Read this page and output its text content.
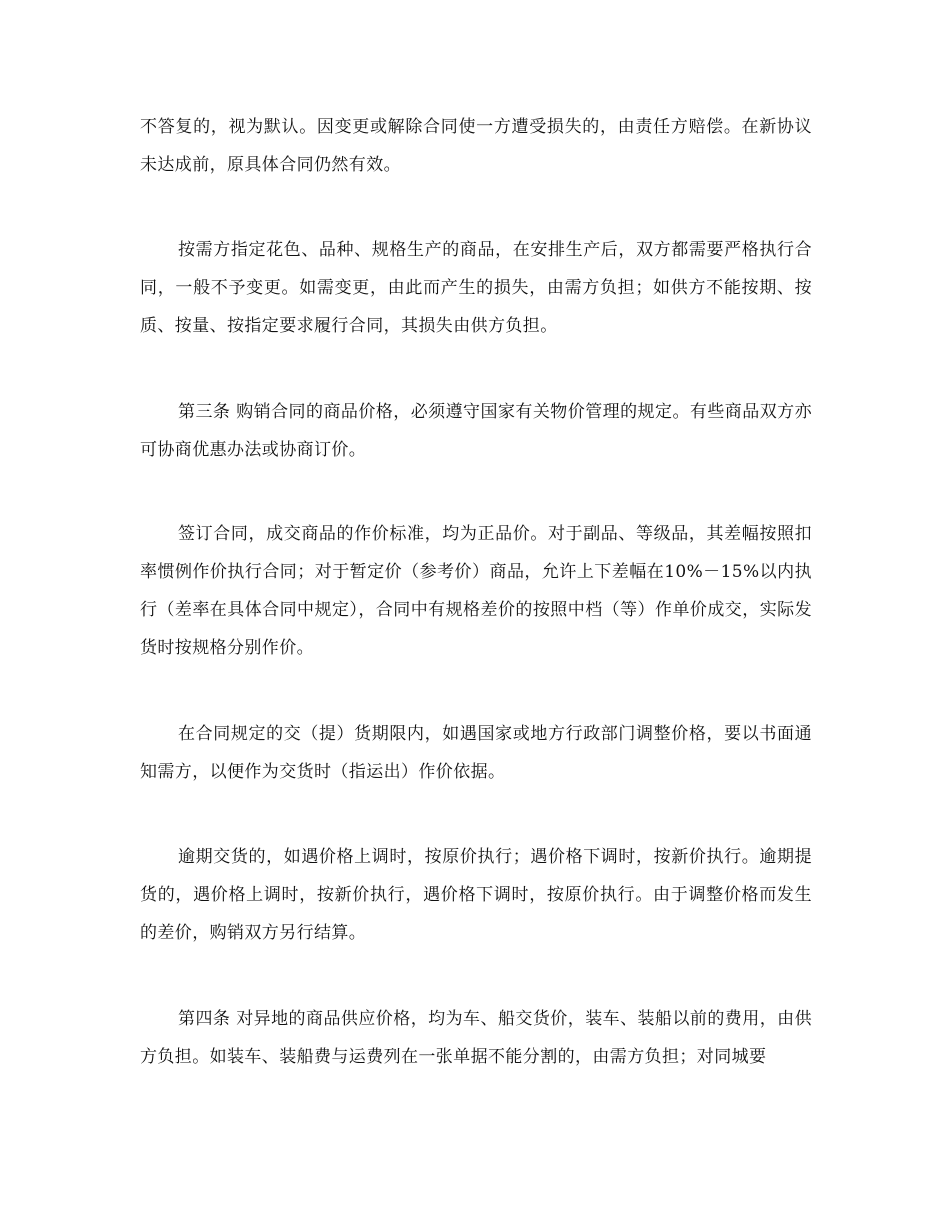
不答复的，视为默认。因变更或解除合同使一方遭受损失的，由责任方赔偿。在新协议未达成前，原具体合同仍然有效。

按需方指定花色、品种、规格生产的商品，在安排生产后，双方都需要严格执行合同，一般不予变更。如需变更，由此而产生的损失，由需方负担；如供方不能按期、按质、按量、按指定要求履行合同，其损失由供方负担。

第三条 购销合同的商品价格，必须遵守国家有关物价管理的规定。有些商品双方亦可协商优惠办法或协商订价。

签订合同，成交商品的作价标准，均为正品价。对于副品、等级品，其差幅按照扣率惯例作价执行合同；对于暂定价（参考价）商品，允许上下差幅在10%－15%以内执行（差率在具体合同中规定），合同中有规格差价的按照中档（等）作单价成交，实际发货时按规格分别作价。

在合同规定的交（提）货期限内，如遇国家或地方行政部门调整价格，要以书面通知需方，以便作为交货时（指运出）作价依据。

逾期交货的，如遇价格上调时，按原价执行；遇价格下调时，按新价执行。逾期提货的，遇价格上调时，按新价执行，遇价格下调时，按原价执行。由于调整价格而发生的差价，购销双方另行结算。

第四条 对异地的商品供应价格，均为车、船交货价，装车、装船以前的费用，由供方负担。如装车、装船费与运费列在一张单据不能分割的，由需方负担；对同城要
